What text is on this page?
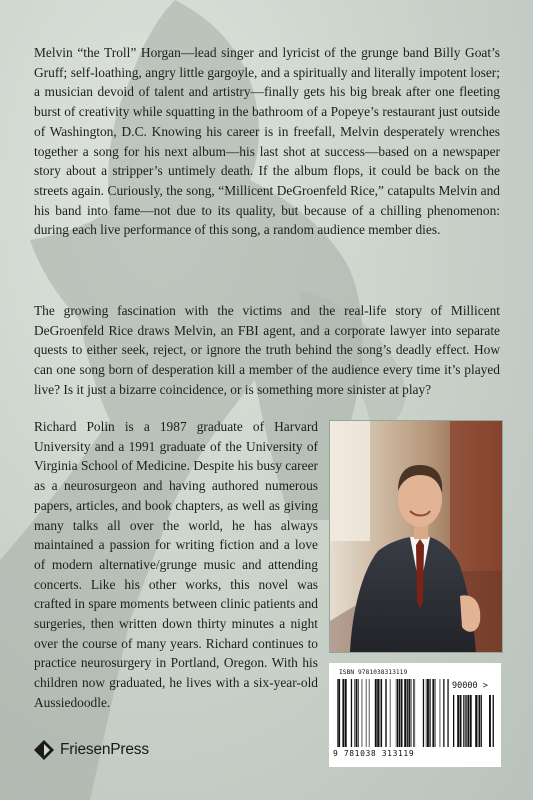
Melvin “the Troll” Horgan—lead singer and lyricist of the grunge band Billy Goat’s Gruff; self-loathing, angry little gargoyle, and a spiritually and literally impotent loser; a musician devoid of talent and artistry—finally gets his big break after one fleeting burst of creativity while squatting in the bathroom of a Popeye’s restaurant just outside of Washington, D.C. Knowing his career is in freefall, Melvin desperately wrenches together a song for his next album—his last shot at success—based on a newspaper story about a stripper’s untimely death. If the album flops, it could be back on the streets again. Curiously, the song, “Millicent DeGroenfeld Rice,” catapults Melvin and his band into fame—not due to its quality, but because of a chilling phenomenon: during each live performance of this song, a random audience member dies.

The growing fascination with the victims and the real-life story of Millicent DeGroenfeld Rice draws Melvin, an FBI agent, and a corporate lawyer into separate quests to either seek, reject, or ignore the truth behind the song’s deadly effect. How can one song born of desperation kill a member of the audience every time it’s played live? Is it just a bizarre coincidence, or is something more sinister at play?

Richard Polin is a 1987 graduate of Harvard University and a 1991 graduate of the University of Virginia School of Medicine. Despite his busy career as a neurosurgeon and having authored numerous papers, articles, and book chapters, as well as giving many talks all over the world, he has always maintained a passion for writing fiction and a love of modern alternative/grunge music and attending concerts. Like his other works, this novel was crafted in spare moments between clinic patients and surgeries, then written down thirty minutes a night over the course of many years. Richard continues to practice neurosurgery in Portland, Oregon. With his children now graduated, he lives with a six-year-old Aussiedoodle.

ISBN 9781038313119
90000 >
9 781038 313119
FriesenPress
